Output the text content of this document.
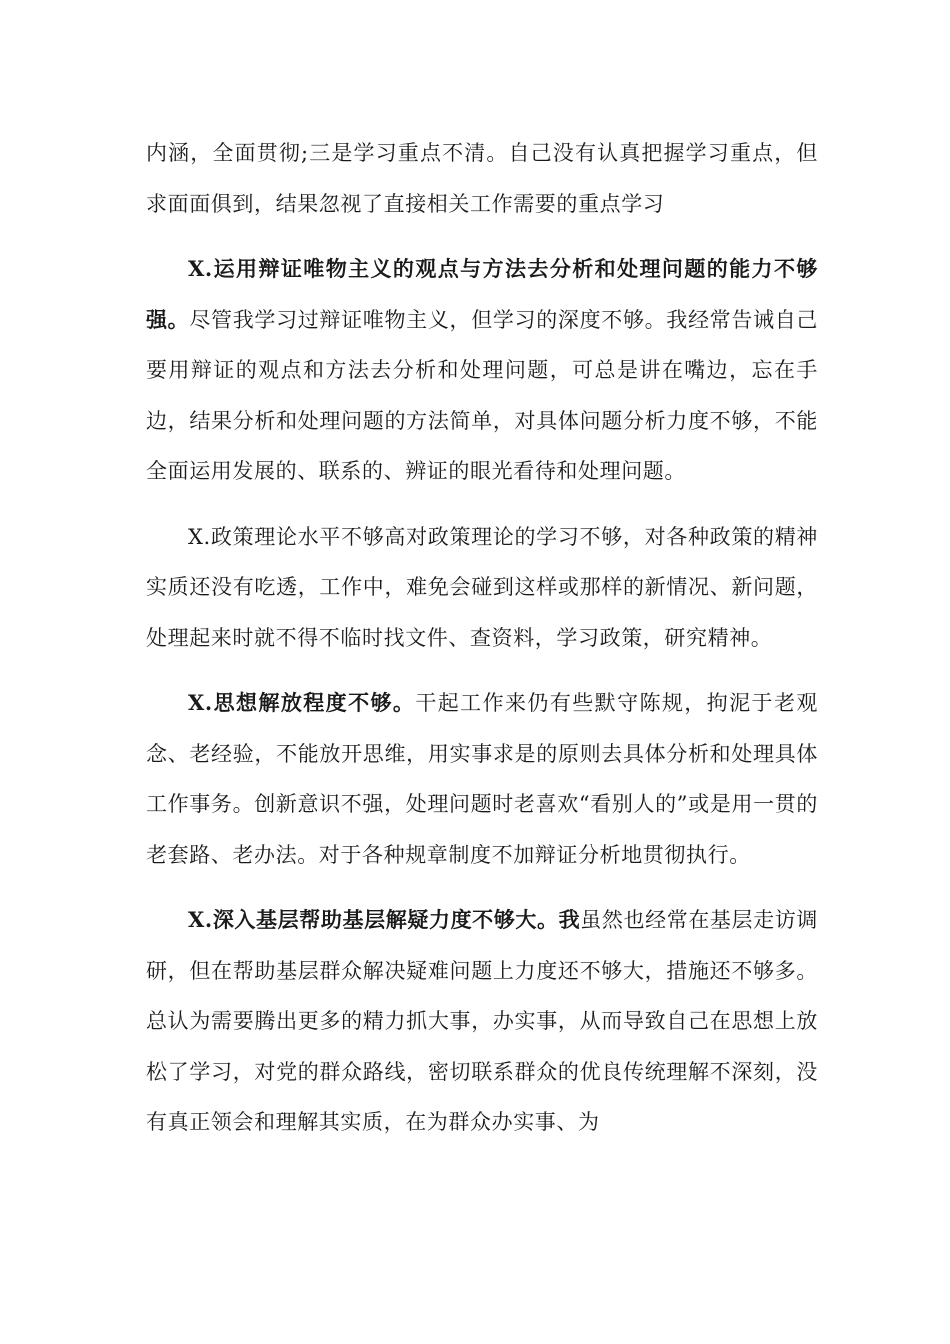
内涵，全面贯彻;三是学习重点不清。自己没有认真把握学习重点，但求面面俱到，结果忽视了直接相关工作需要的重点学习

X.运用辩证唯物主义的观点与方法去分析和处理问题的能力不够强。尽管我学习过辩证唯物主义，但学习的深度不够。我经常告诫自己要用辩证的观点和方法去分析和处理问题，可总是讲在嘴边，忘在手边，结果分析和处理问题的方法简单，对具体问题分析力度不够，不能全面运用发展的、联系的、辨证的眼光看待和处理问题。

X.政策理论水平不够高对政策理论的学习不够，对各种政策的精神实质还没有吃透，工作中，难免会碰到这样或那样的新情况、新问题，处理起来时就不得不临时找文件、查资料，学习政策，研究精神。

X.思想解放程度不够。干起工作来仍有些默守陈规，拘泥于老观念、老经验，不能放开思维，用实事求是的原则去具体分析和处理具体工作事务。创新意识不强，处理问题时老喜欢“看别人的”或是用一贯的老套路、老办法。对于各种规章制度不加辩证分析地贯彻执行。

X.深入基层帮助基层解疑力度不够大。我虽然也经常在基层走访调研，但在帮助基层群众解决疑难问题上力度还不够大，措施还不够多。总认为需要腾出更多的精力抓大事，办实事，从而导致自己在思想上放松了学习，对党的群众路线，密切联系群众的优良传统理解不深刻，没有真正领会和理解其实质，在为群众办实事、为
